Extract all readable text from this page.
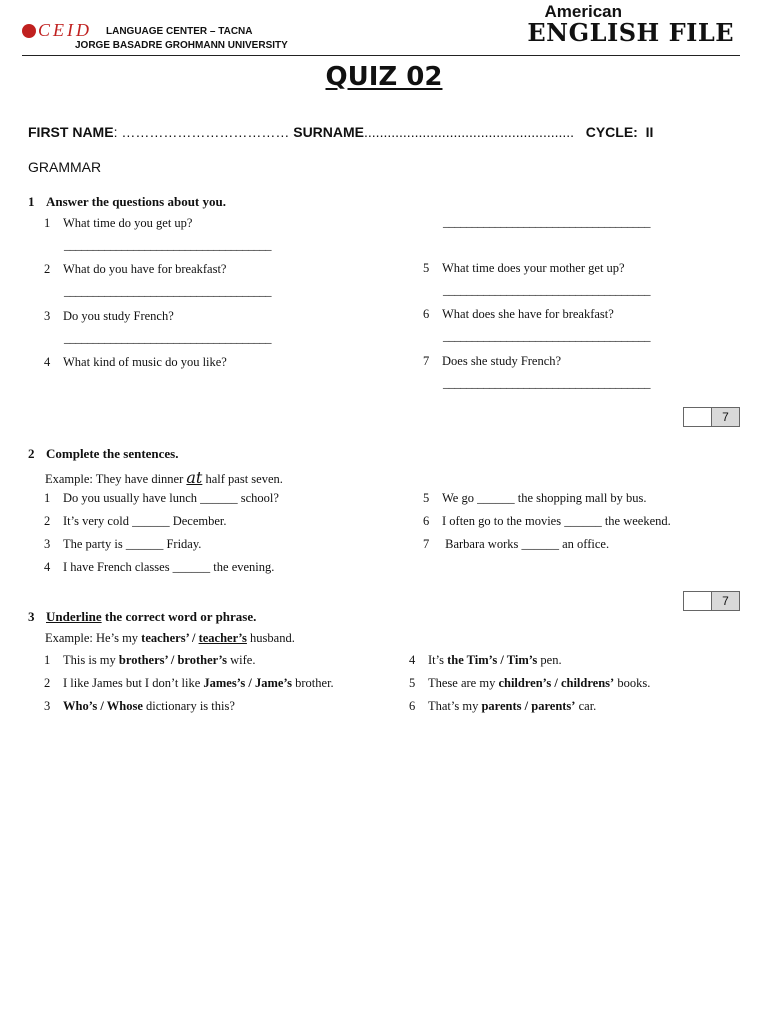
CEID LANGUAGE CENTER – TACNA
JORGE BASADRE GROHMANN UNIVERSITY
American
ENGLISH FILE
QUIZ 02
FIRST NAME: ……………………………… SURNAME...................................................... CYCLE: II
GRAMMAR
1 Answer the questions about you.
1 What time do you get up?
____________________________________
2 What do you have for breakfast?
____________________________________
3 Do you study French?
____________________________________
4 What kind of music do you like?
____________________________________
5 What time does your mother get up?
____________________________________
6 What does she have for breakfast?
____________________________________
7 Does she study French?
____________________________________
7
2 Complete the sentences.
Example: They have dinner at half past seven.
1 Do you usually have lunch ______ school?
2 It’s very cold ______ December.
3 The party is ______ Friday.
4 I have French classes ______ the evening.
5 We go ______ the shopping mall by bus.
6 I often go to the movies ______ the weekend.
7 Barbara works ______ an office.
7
3 Underline the correct word or phrase.
Example: He’s my teachers’ / teacher’s husband.
1 This is my brothers’ / brother’s wife.
2 I like James but I don’t like James’s / Jame’s brother.
3 Who’s / Whose dictionary is this?
4 It’s the Tim’s / Tim’s pen.
5 These are my children’s / childrens’ books.
6 That’s my parents / parents’ car.
